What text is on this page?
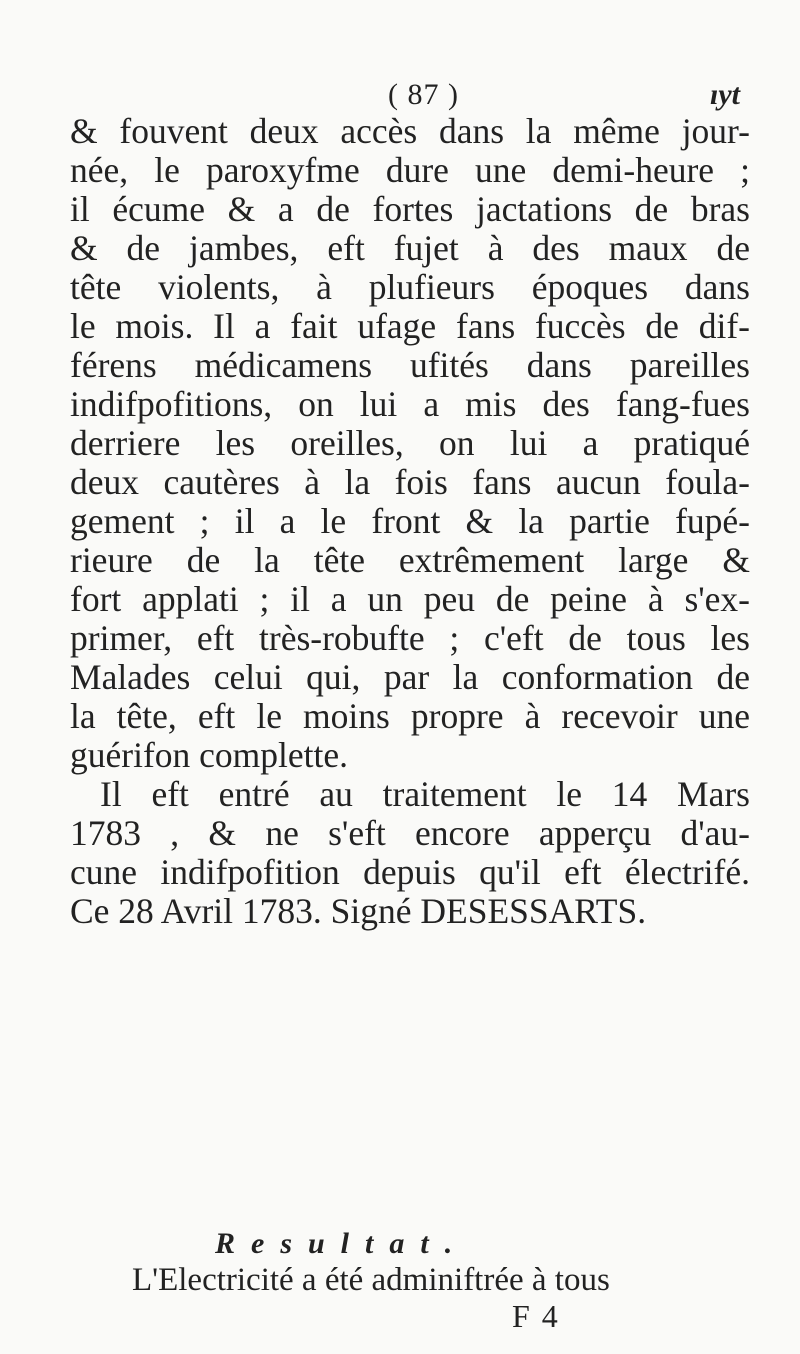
( 87 )	ıyt
& fouvent deux accès dans la même jour-
née, le paroxyfme dure une demi-heure ;
il écume & a de fortes jactations de bras
& de jambes, eft fujet à des maux de
tête violents, à plufieurs époques dans
le mois. Il a fait ufage fans fuccès de dif-
férens médicamens ufités dans pareilles
indifpofitions, on lui a mis des fang-fues
derriere les oreilles, on lui a pratiqué
deux cautères à la fois fans aucun foula-
gement ; il a le front & la partie fupé-
rieure de la tête extrêmement large &
fort applati ; il a un peu de peine à s'ex-
primer, eft très-robufte ; c'eft de tous les
Malades celui qui, par la conformation de
la tête, eft le moins propre à recevoir une
guérifon complette.
Il eft entré au traitement le 14 Mars
1783 , & ne s'eft encore apperçu d'au-
cune indifpofition depuis qu'il eft électrifé.
Ce 28 Avril 1783. Signé DESESSARTS.
Resultat.
L'Electricité a été adminiftrée à tous
F 4
